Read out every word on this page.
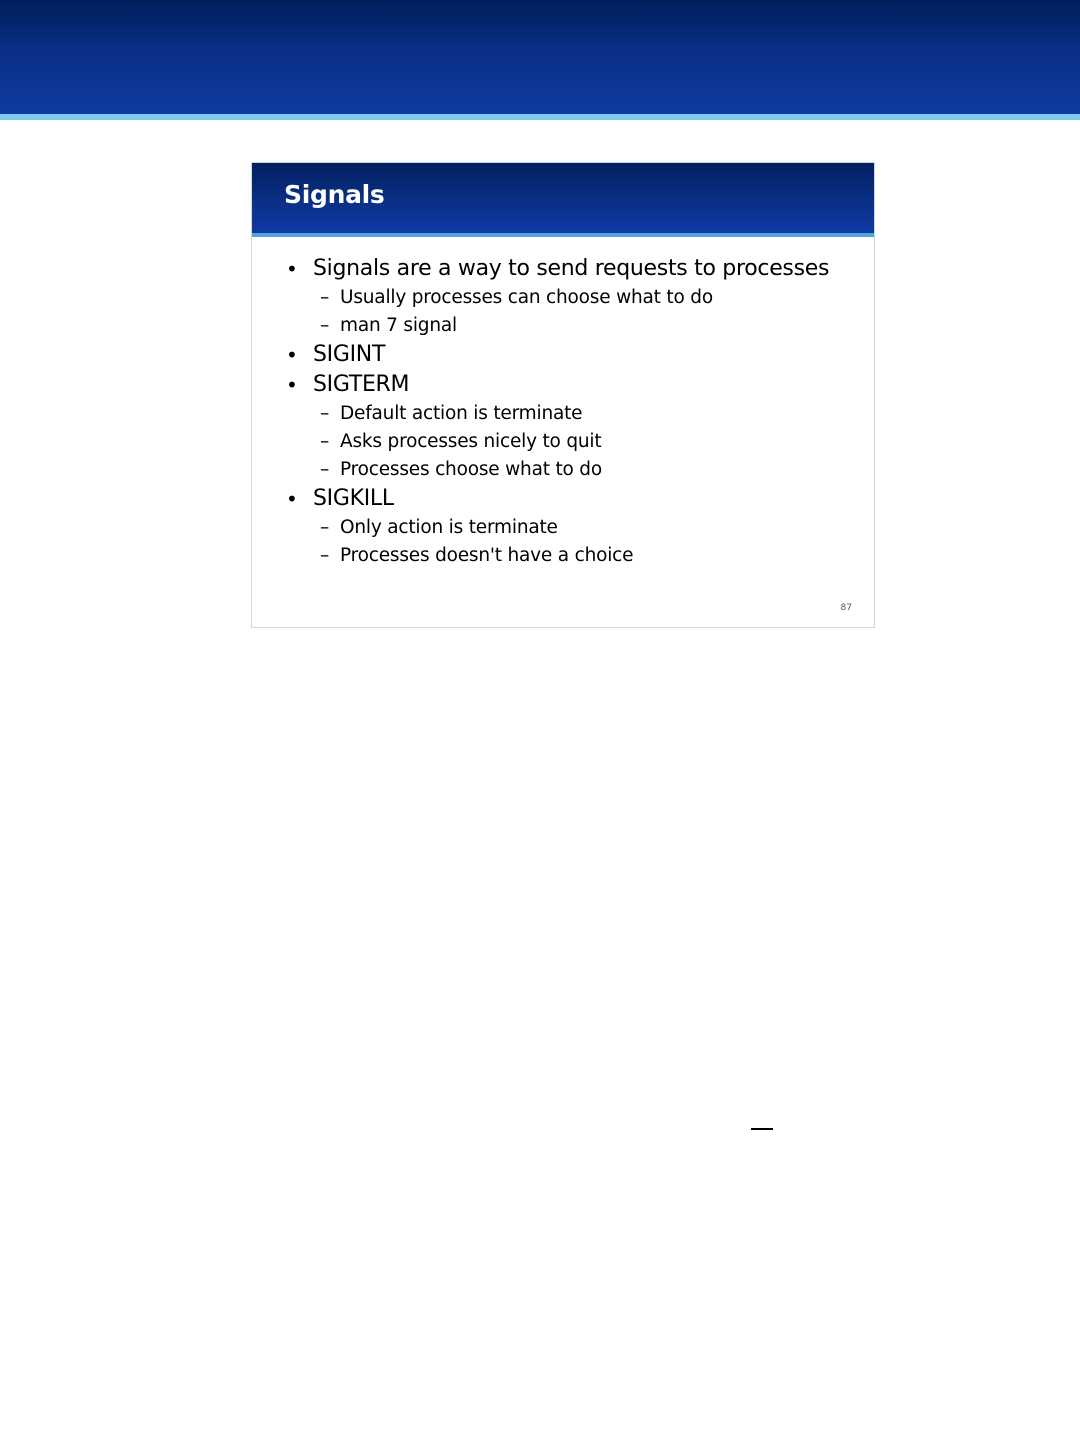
Signals
• Signals are a way to send requests to processes
– Usually processes can choose what to do
– man 7 signal
• SIGINT
• SIGTERM
– Default action is terminate
– Asks processes nicely to quit
– Processes choose what to do
• SIGKILL
– Only action is terminate
– Processes doesn't have a choice
87
